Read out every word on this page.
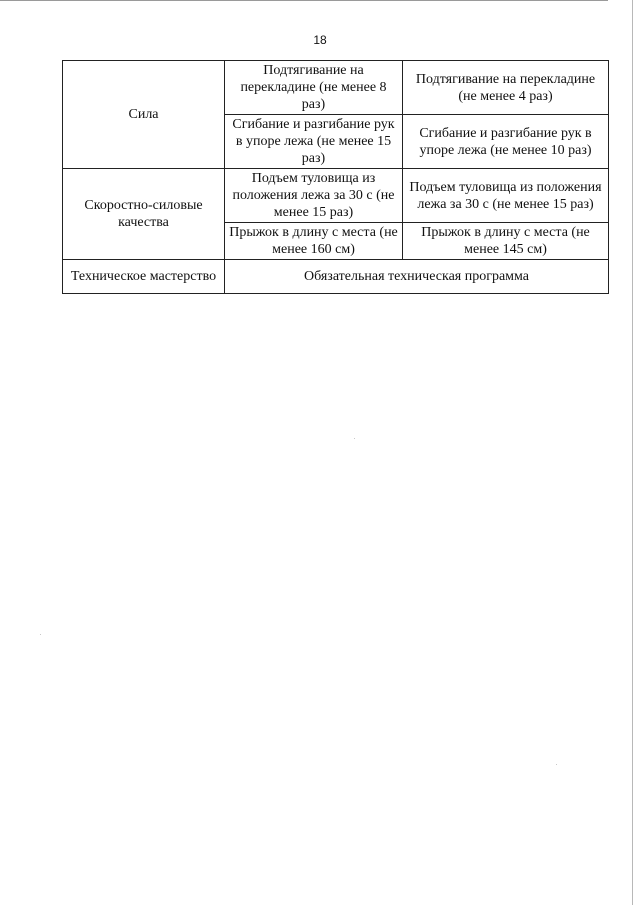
18
Сила	Подтягивание на перекладине (не менее 8 раз)	Подтягивание на перекладине (не менее 4 раз)
	Сгибание и разгибание рук в упоре лежа (не менее 15 раз)	Сгибание и разгибание рук в упоре лежа (не менее 10 раз)
Скоростно-силовые качества	Подъем туловища из положения лежа за 30 с (не менее 15 раз)	Подъем туловища из положения лежа за 30 с (не менее 15 раз)
	Прыжок в длину с места (не менее 160 см)	Прыжок в длину с места (не менее 145 см)
Техническое мастерство	Обязательная техническая программа	
